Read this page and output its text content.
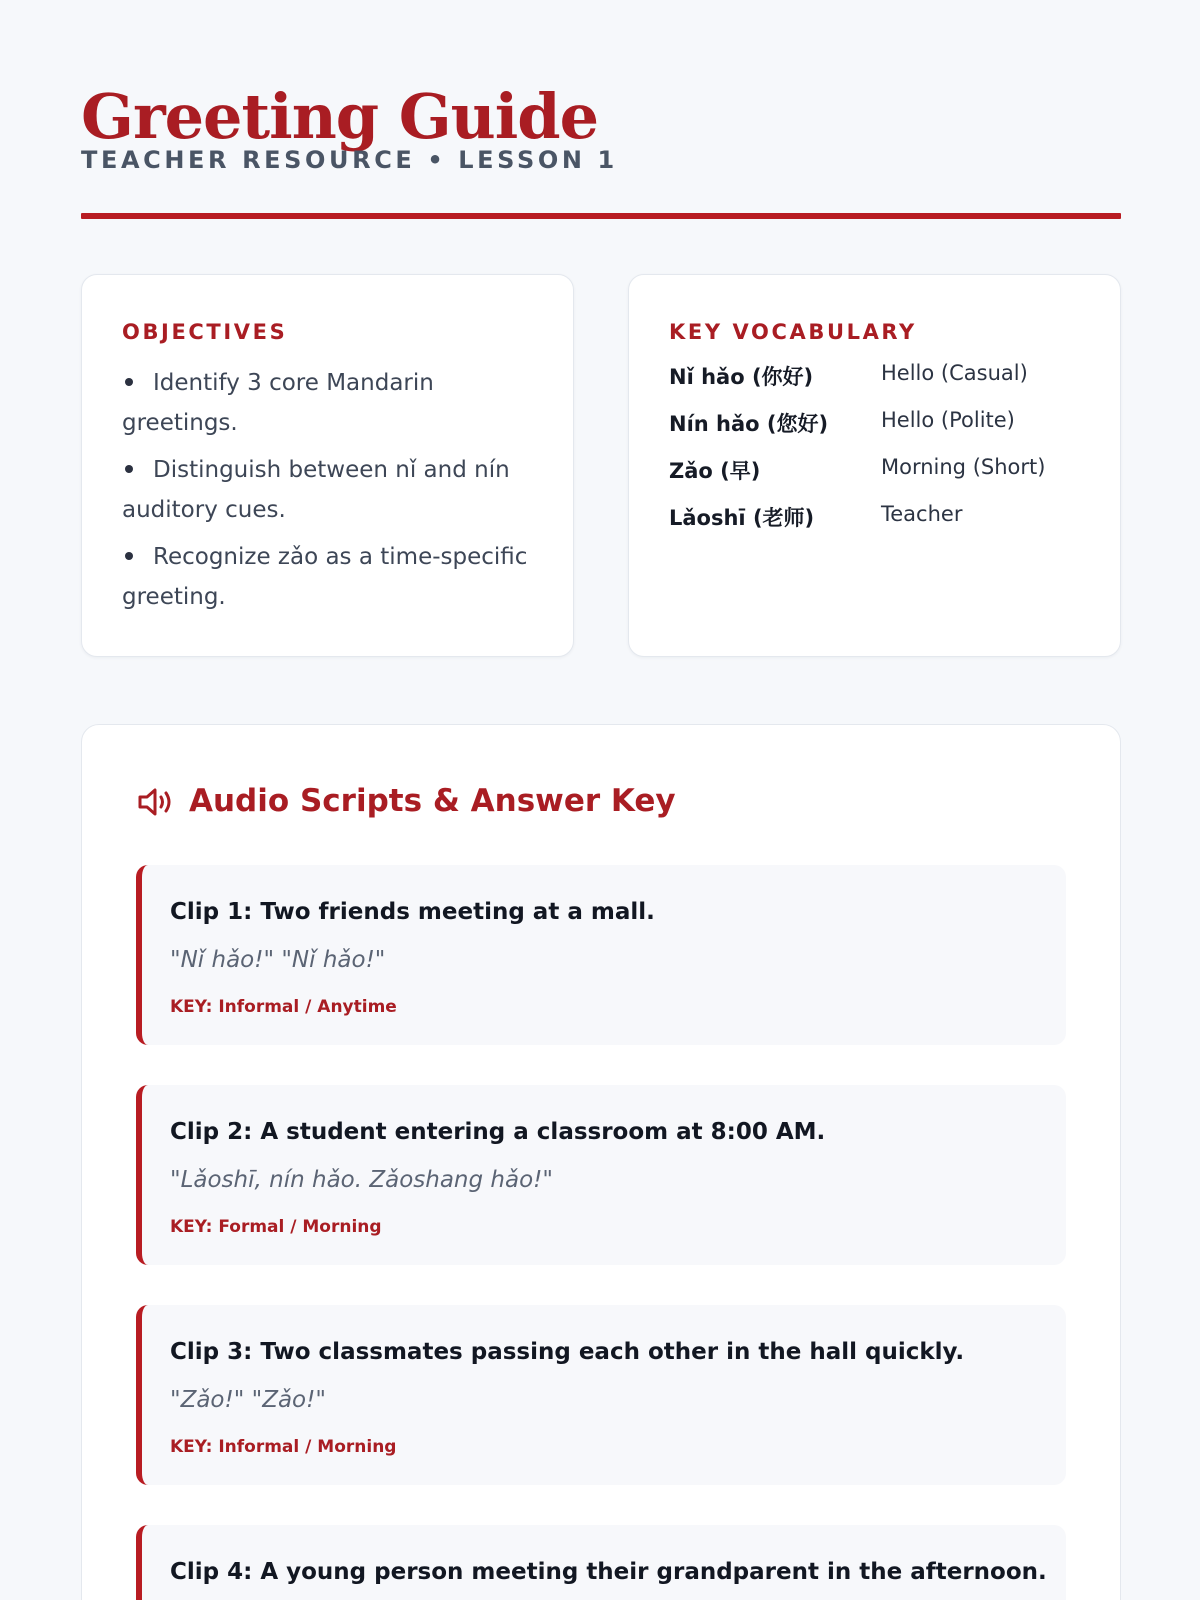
Greeting Guide
TEACHER RESOURCE • LESSON 1
OBJECTIVES
Identify 3 core Mandarin greetings.
Distinguish between nǐ and nín auditory cues.
Recognize zǎo as a time-specific greeting.
KEY VOCABULARY
Nǐ hǎo (你好)	Hello (Casual)
Nín hǎo (您好)	Hello (Polite)
Zǎo (早)	Morning (Short)
Lǎoshī (老师)	Teacher
Audio Scripts & Answer Key
Clip 1: Two friends meeting at a mall.
"Nǐ hǎo!" "Nǐ hǎo!"
KEY: Informal / Anytime
Clip 2: A student entering a classroom at 8:00 AM.
"Lǎoshī, nín hǎo. Zǎoshang hǎo!"
KEY: Formal / Morning
Clip 3: Two classmates passing each other in the hall quickly.
"Zǎo!" "Zǎo!"
KEY: Informal / Morning
Clip 4: A young person meeting their grandparent in the afternoon.
